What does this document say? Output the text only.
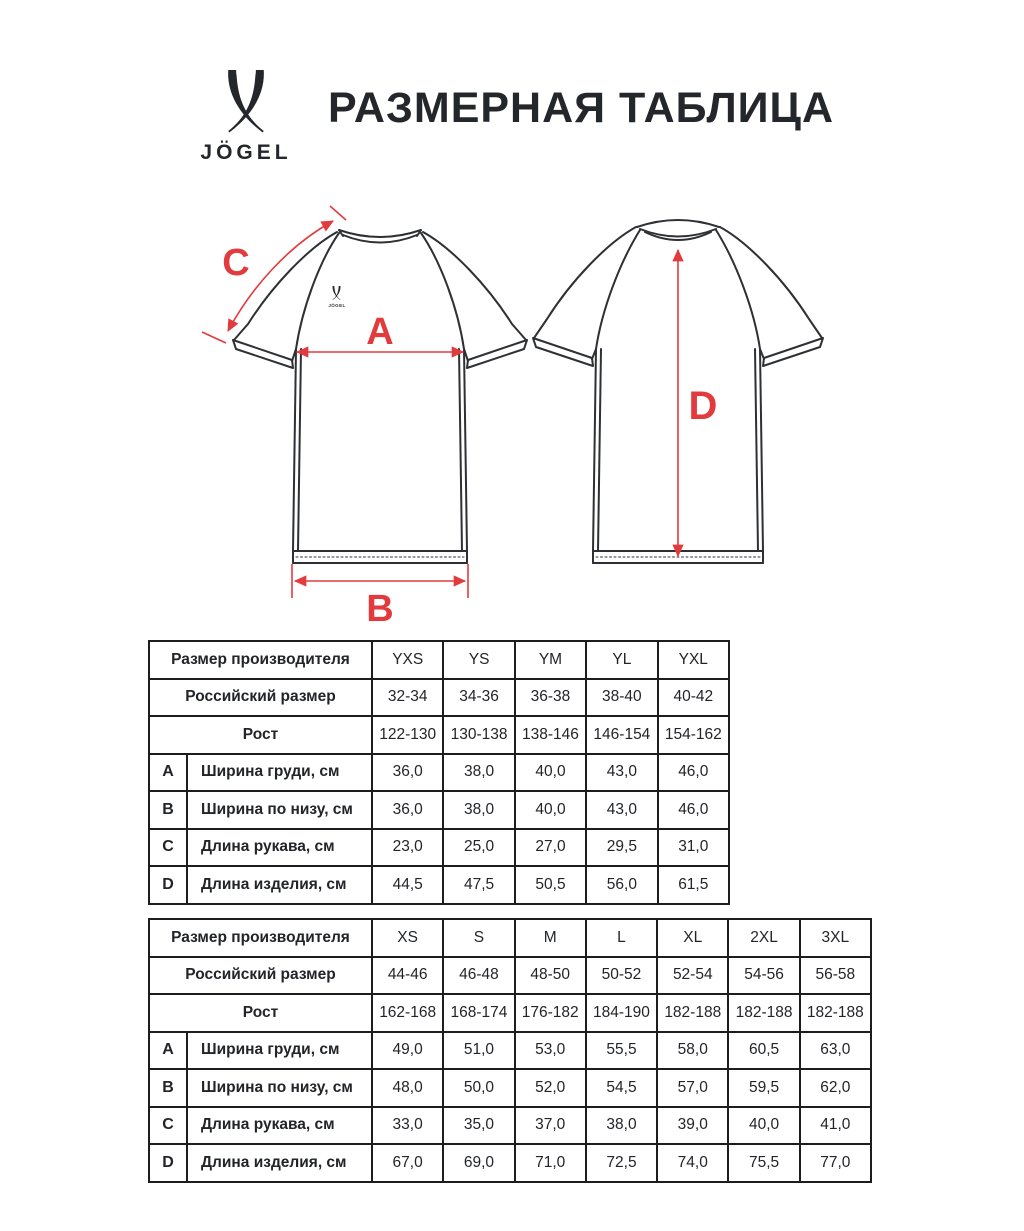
JÖGEL
РАЗМЕРНАЯ ТАБЛИЦА
JÖGEL
A
B
C
D
Размер производителя		YXS	YS	YM	YL	YXL
Российский размер		32-34	34-36	36-38	38-40	40-42
Рост		122-130	130-138	138-146	146-154	154-162
A	Ширина груди, см	36,0	38,0	40,0	43,0	46,0
B	Ширина по низу, см	36,0	38,0	40,0	43,0	46,0
C	Длина рукава, см	23,0	25,0	27,0	29,5	31,0
D	Длина изделия, см	44,5	47,5	50,5	56,0	61,5
Размер производителя		XS	S	M	L	XL	2XL	3XL
Российский размер		44-46	46-48	48-50	50-52	52-54	54-56	56-58
Рост		162-168	168-174	176-182	184-190	182-188	182-188	182-188
A	Ширина груди, см	49,0	51,0	53,0	55,5	58,0	60,5	63,0
B	Ширина по низу, см	48,0	50,0	52,0	54,5	57,0	59,5	62,0
C	Длина рукава, см	33,0	35,0	37,0	38,0	39,0	40,0	41,0
D	Длина изделия, см	67,0	69,0	71,0	72,5	74,0	75,5	77,0
